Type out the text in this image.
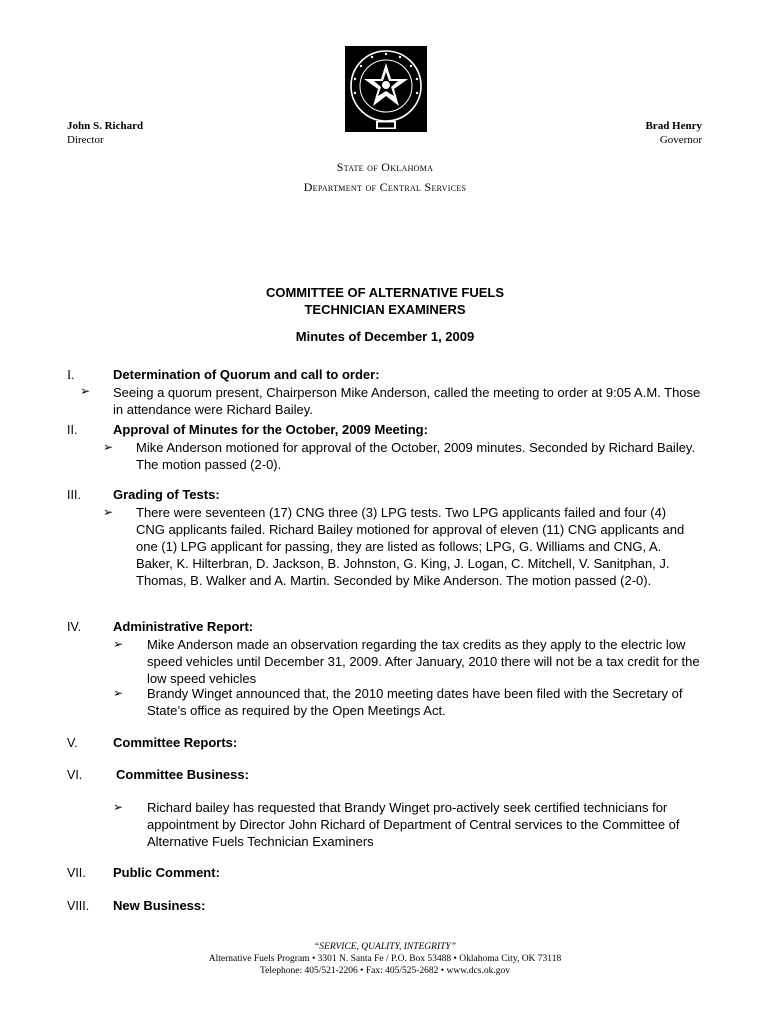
John S. Richard
Director
Brad Henry
Governor
State of Oklahoma
Department of Central Services
COMMITTEE OF ALTERNATIVE FUELS
TECHNICIAN EXAMINERS
Minutes of December 1, 2009
I.	Determination of Quorum and call to order:
➢ Seeing a quorum present, Chairperson Mike Anderson, called the meeting to order at 9:05 A.M. Those in attendance were Richard Bailey.

II.	Approval of Minutes for the October, 2009 Meeting:
➢ Mike Anderson motioned for approval of the October, 2009 minutes. Seconded by Richard Bailey. The motion passed (2-0).

III. Grading of Tests:
➢ There were seventeen (17) CNG three (3) LPG tests. Two LPG applicants failed and four (4) CNG applicants failed. Richard Bailey motioned for approval of eleven (11) CNG applicants and one (1) LPG applicant for passing, they are listed as follows; LPG, G. Williams and CNG, A. Baker, K. Hilterbran, D. Jackson, B. Johnston, G. King, J. Logan, C. Mitchell, V. Sanitphan, J. Thomas, B. Walker and A. Martin. Seconded by Mike Anderson. The motion passed (2-0).

IV. Administrative Report:
➢ Mike Anderson made an observation regarding the tax credits as they apply to the electric low speed vehicles until December 31, 2009. After January, 2010 there will not be a tax credit for the low speed vehicles

➢ Brandy Winget announced that, the 2010 meeting dates have been filed with the Secretary of State’s office as required by the Open Meetings Act.

V.	Committee Reports:
VI.	Committee Business:
➢ Richard bailey has requested that Brandy Winget pro-actively seek certified technicians for appointment by Director John Richard of Department of Central services to the Committee of Alternative Fuels Technician Examiners

VII. Public Comment:
VIII. New Business:
“SERVICE, QUALITY, INTEGRITY”
Alternative Fuels Program • 3301 N. Santa Fe / P.O. Box 53488 • Oklahoma City, OK 73118
Telephone: 405/521-2206 • Fax: 405/525-2682 • www.dcs.ok.gov
